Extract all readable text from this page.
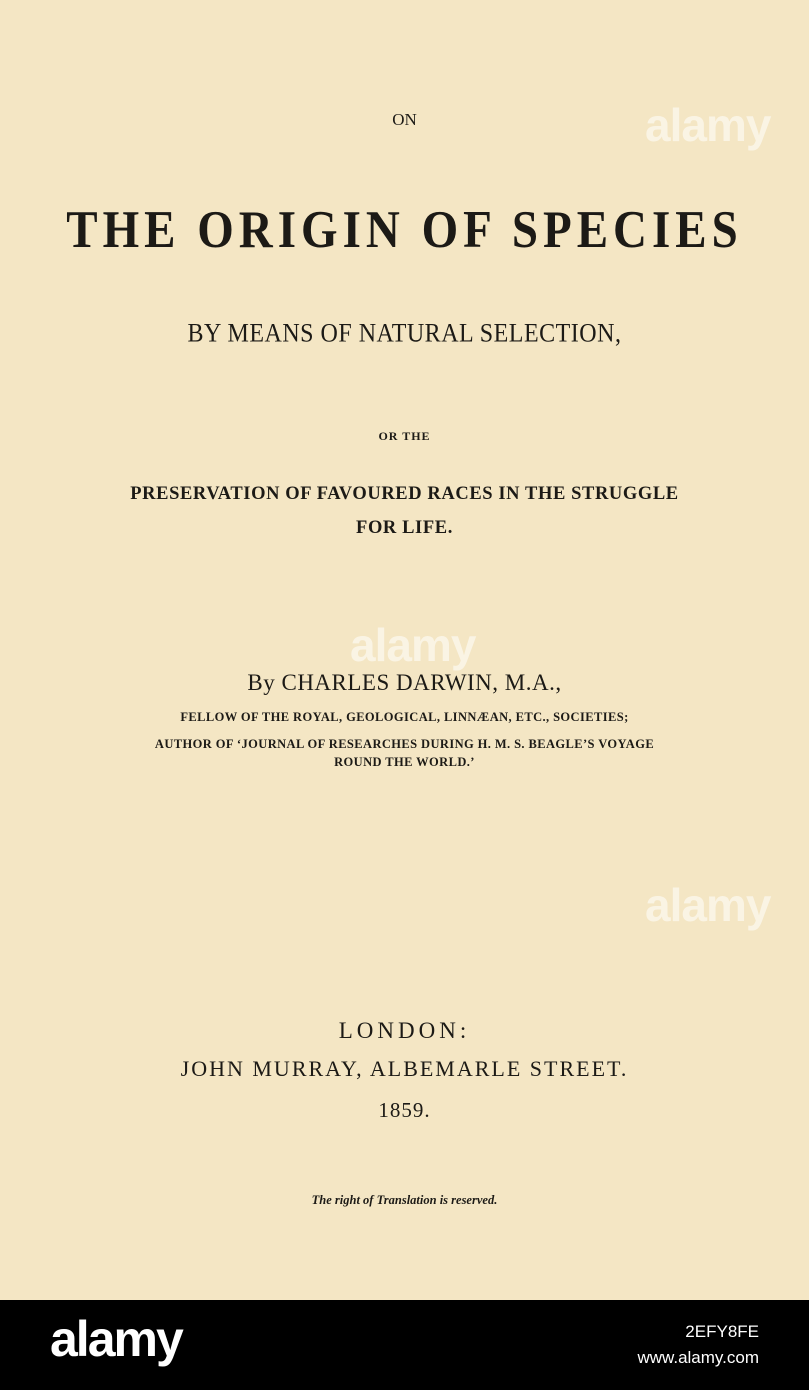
ON
THE ORIGIN OF SPECIES
BY MEANS OF NATURAL SELECTION,
OR THE
PRESERVATION OF FAVOURED RACES IN THE STRUGGLE
FOR LIFE.
By CHARLES DARWIN, M.A.,
FELLOW OF THE ROYAL, GEOLOGICAL, LINNÆAN, ETC., SOCIETIES;
AUTHOR OF ‘JOURNAL OF RESEARCHES DURING H. M. S. BEAGLE’S VOYAGE
ROUND THE WORLD.’
LONDON:
JOHN MURRAY, ALBEMARLE STREET.
1859.
The right of Translation is reserved.
alamy
alamy
alamy
alamy	2EFY8FE
www.alamy.com
